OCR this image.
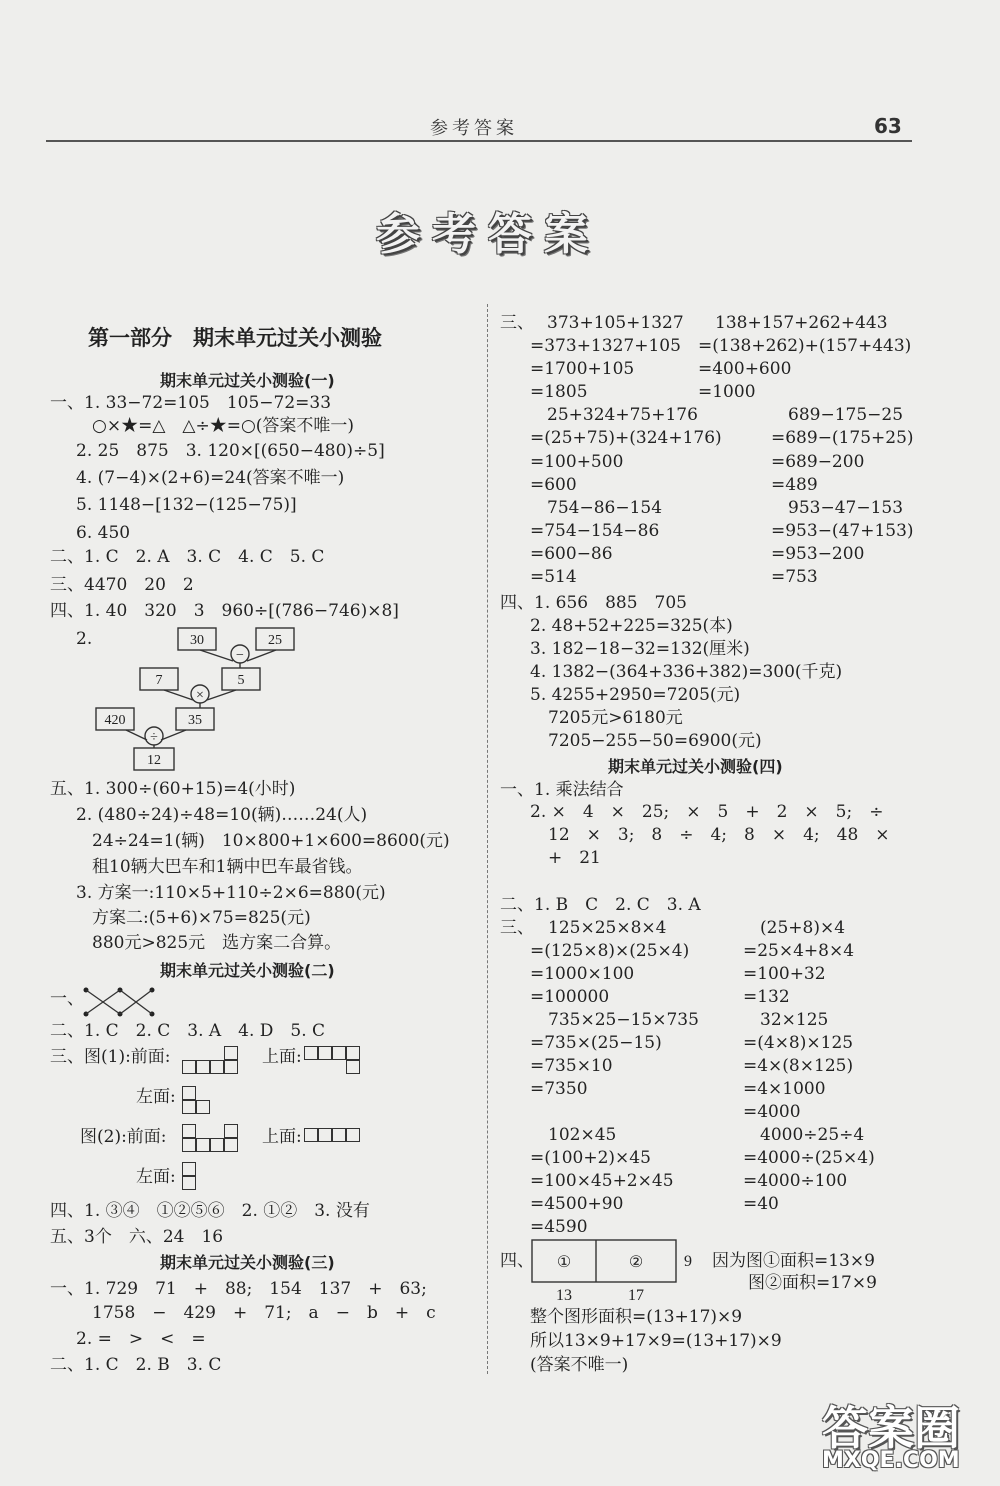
参考答案	63
参考答案
第一部分　期末单元过关小测验
期末单元过关小测验(一)
一、1. 33−72=105　105−72=33
○×★=△　△÷★=○(答案不唯一)
2. 25　875　3. 120×[(650−480)÷5]
4. (7−4)×(2+6)=24(答案不唯一)
5. 1148−[132−(125−75)]
6. 450
二、1. C　2. A　3. C　4. C　5. C
三、4470　20　2
四、1. 40　320　3　960÷[(786−746)×8]
2.	30	25
−
7	5
×
420	35
÷
12
五、1. 300÷(60+15)=4(小时)
2. (480÷24)÷48=10(辆)……24(人)
24÷24=1(辆)　10×800+1×600=8600(元)
租10辆大巴车和1辆中巴车最省钱。
3. 方案一:110×5+110÷2×6=880(元)
方案二:(5+6)×75=825(元)
880元>825元　选方案二合算。
期末单元过关小测验(二)
一、
二、1. C　2. C　3. A　4. D　5. C
三、图(1):前面:	上面:
左面:
图(2):前面:	上面:
左面:
四、1. ③④　①②⑤⑥　2. ①②　3. 没有
五、3个　六、24　16
期末单元过关小测验(三)
一、1. 729　71　+　88;　154　137　+　63;
1758　−　429　+　71;　a　−　b　+　c
2. =　>　<　=
二、1. C　2. B　3. C
三、 373+105+1327
=373+1327+105
=1700+105
=1805
25+324+75+176
=(25+75)+(324+176)
=100+500
=600
754−86−154
=754−154−86
=600−86
=514
138+157+262+443
=(138+262)+(157+443)
=400+600
=1000
689−175−25
=689−(175+25)
=689−200
=489
953−47−153
=953−(47+153)
=953−200
=753
四、1. 656　885　705
2. 48+52+225=325(本)
3. 182−18−32=132(厘米)
4. 1382−(364+336+382)=300(千克)
5. 4255+2950=7205(元)
7205元>6180元
7205−255−50=6900(元)
期末单元过关小测验(四)
一、1. 乘法结合
2. ×　4　×　25;　×　5　+　2　×　5;　÷
12　×　3;　8　÷　4;　8　×　4;　48　×
+　21
二、1. B　C　2. C　3. A
三、 125×25×8×4
=(125×8)×(25×4)
=1000×100
=100000
735×25−15×735
=735×(25−15)
=735×10
=7350
102×45
=(100+2)×45
=100×45+2×45
=4500+90
=4590
(25+8)×4
=25×4+8×4
=100+32
=132
32×125
=(4×8)×125
=4×(8×125)
=4×1000
=4000
4000÷25÷4
=4000÷(25×4)
=4000÷100
=40
四、 ①	②
13	17
9 因为图①面积=13×9
图②面积=17×9
整个图形面积=(13+17)×9
所以13×9+17×9=(13+17)×9
(答案不唯一)
答案圈
MXQE.COM
